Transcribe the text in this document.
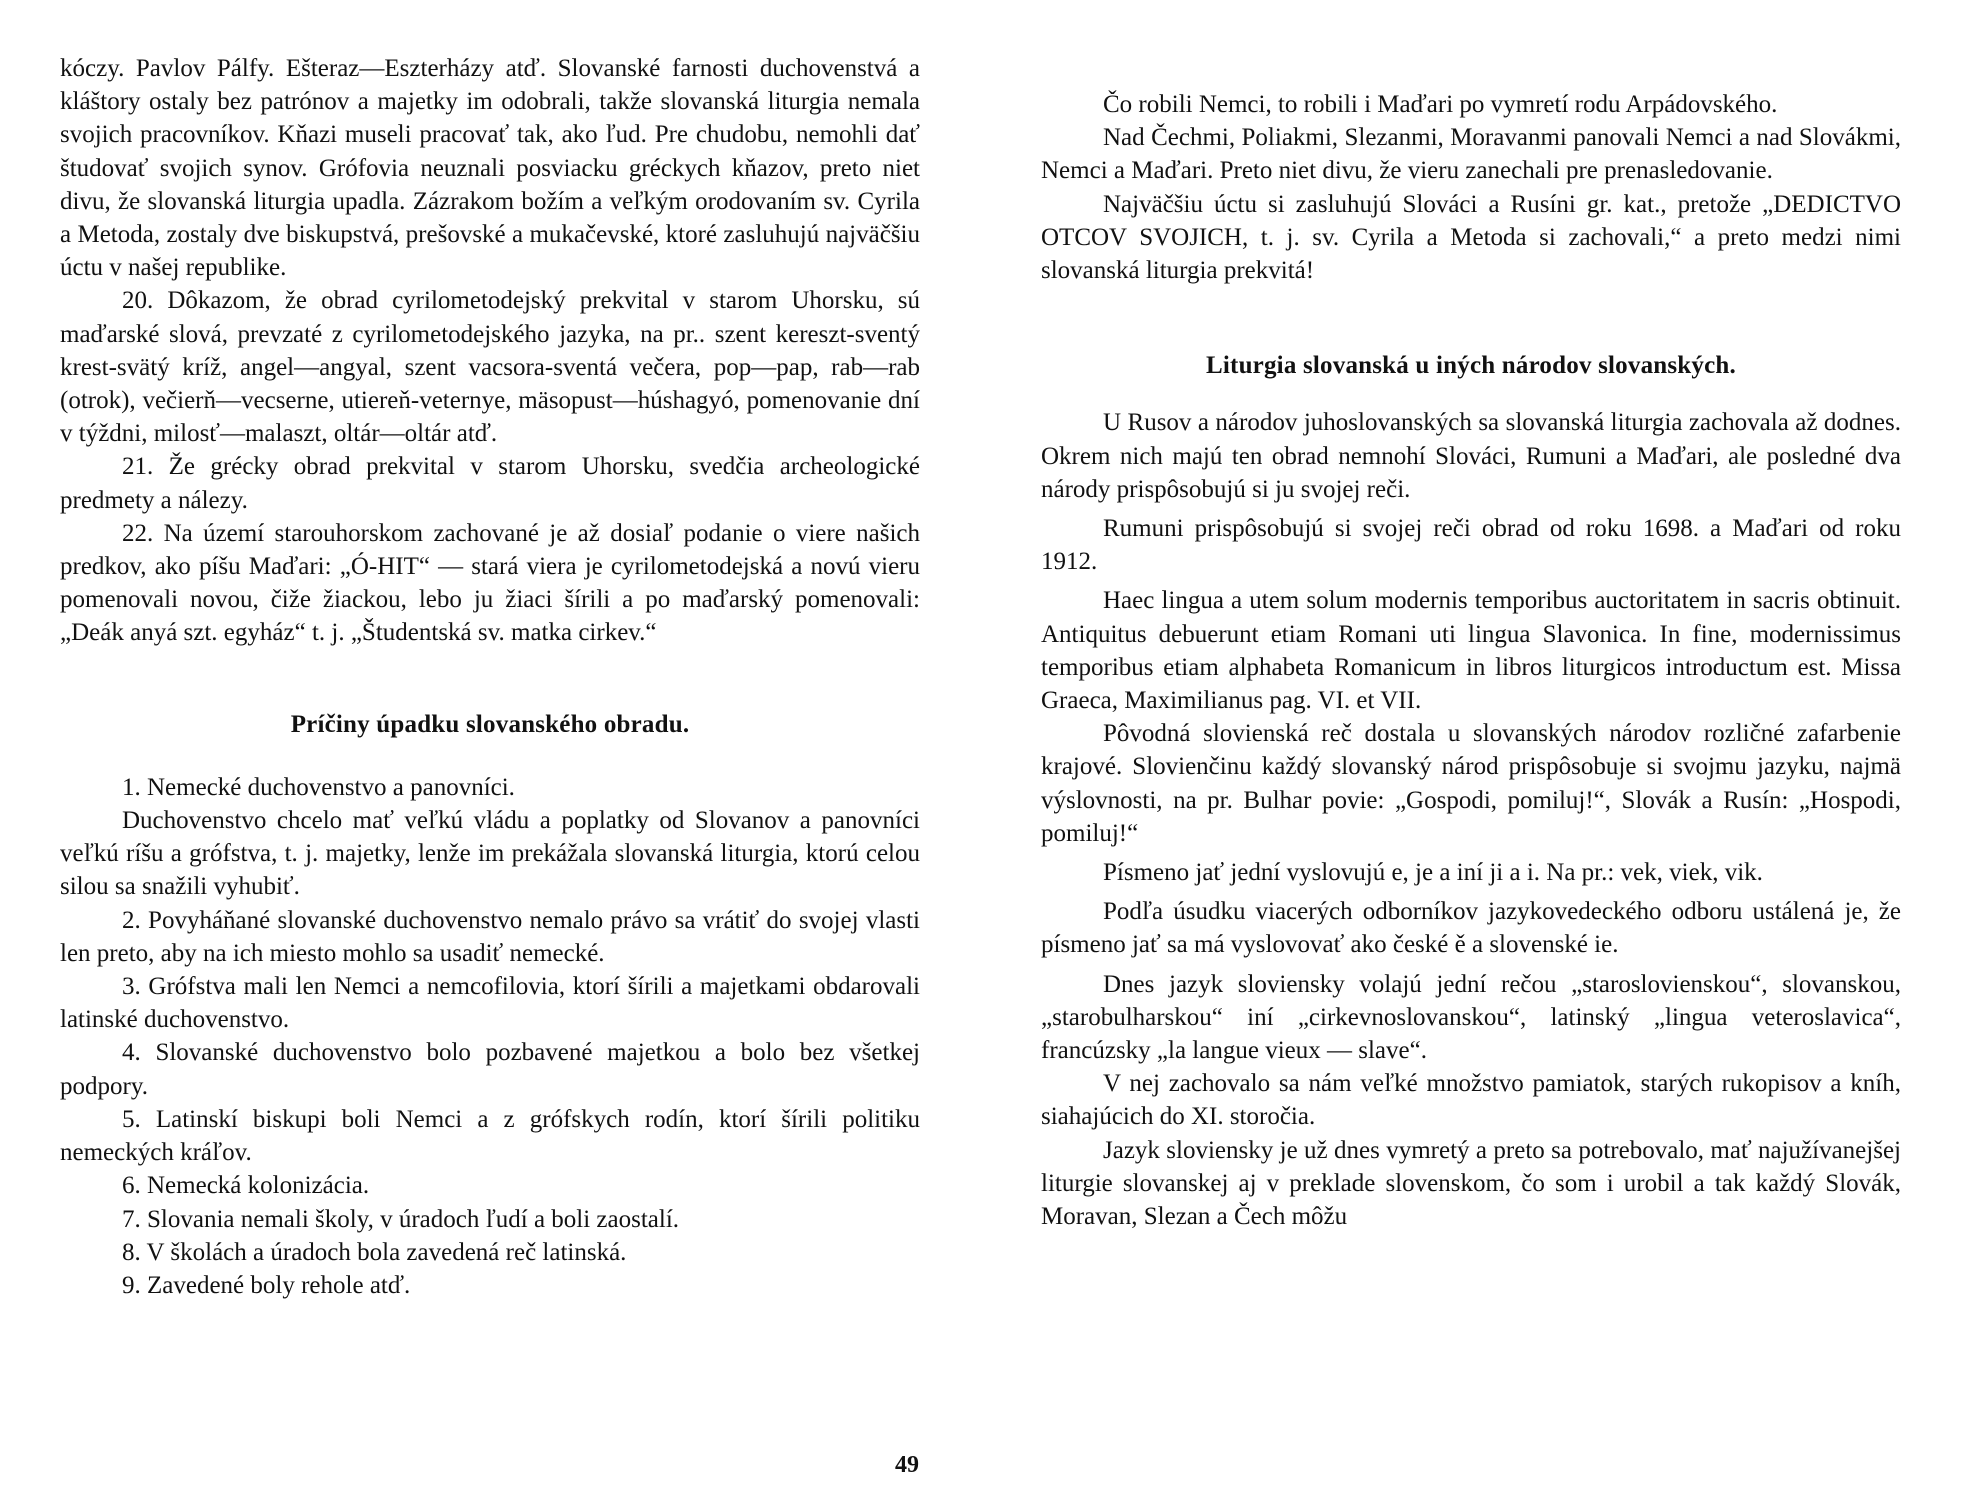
kóczy. Pavlov Pálfy. Ešteraz—Eszterházy atď. Slovanské farnosti duchovenstvá a kláštory ostaly bez patrónov a majetky im odobrali, takže slovanská liturgia nemala svojich pracovníkov. Kňazi museli pracovať tak, ako ľud. Pre chudobu, nemohli dať študovať svojich synov. Grófovia neuznali posviacku gréckych kňazov, preto niet divu, že slovanská liturgia upadla. Zázrakom božím a veľkým orodovaním sv. Cyrila a Metoda, zostaly dve biskupstvá, prešovské a mukačevské, ktoré zasluhujú najväčšiu úctu v našej republike.

20. Dôkazom, že obrad cyrilometodejský prekvital v starom Uhorsku, sú maďarské slová, prevzaté z cyrilometodejského jazyka, na pr.. szent kereszt-sventý krest-svätý kríž, angel—angyal, szent vacsora-sventá večera, pop—pap, rab—rab (otrok), večierň—vecserne, utiereň-veternye, mäsopust—húshagyó, pomenovanie dní v týždni, milosť—malaszt, oltár—oltár atď.

21. Že grécky obrad prekvital v starom Uhorsku, svedčia archeologické predmety a nálezy.

22. Na území starouhorskom zachované je až dosiaľ podanie o viere našich predkov, ako píšu Maďari: „Ó-HIT“ — stará viera je cyrilometodejská a novú vieru pomenovali novou, čiže žiackou, lebo ju žiaci šírili a po maďarský pomenovali: „Deák anyá szt. egyház“ t. j. „Študentská sv. matka cirkev.“

Príčiny úpadku slovanského obradu.
1. Nemecké duchovenstvo a panovníci.
Duchovenstvo chcelo mať veľkú vládu a poplatky od Slovanov a panovníci veľkú ríšu a grófstva, t. j. majetky, lenže im prekážala slovanská liturgia, ktorú celou silou sa snažili vyhubiť.
2. Povyháňané slovanské duchovenstvo nemalo právo sa vrátiť do svojej vlasti len preto, aby na ich miesto mohlo sa usadiť nemecké.
3. Grófstva mali len Nemci a nemcofilovia, ktorí šírili a majetkami obdarovali latinské duchovenstvo.
4. Slovanské duchovenstvo bolo pozbavené majetkou a bolo bez všetkej podpory.
5. Latinskí biskupi boli Nemci a z grófskych rodín, ktorí šírili politiku nemeckých kráľov.
6. Nemecká kolonizácia.
7. Slovania nemali školy, v úradoch ľudí a boli zaostalí.
8. V školách a úradoch bola zavedená reč latinská.
9. Zavedené boly rehole atď.
49

Čo robili Nemci, to robili i Maďari po vymretí rodu Arpádovského.

Nad Čechmi, Poliakmi, Slezanmi, Moravanmi panovali Nemci a nad Slovákmi, Nemci a Maďari. Preto niet divu, že vieru zanechali pre prenasledovanie.

Najväčšiu úctu si zasluhujú Slováci a Rusíni gr. kat., pretože „DEDICTVO OTCOV SVOJICH, t. j. sv. Cyrila a Metoda si zachovali,“ a preto medzi nimi slovanská liturgia prekvitá!

Liturgia slovanská u iných národov slovanských.

U Rusov a národov juhoslovanských sa slovanská liturgia zachovala až dodnes. Okrem nich majú ten obrad nemnohí Slováci, Rumuni a Maďari, ale posledné dva národy prispôsobujú si ju svojej reči.

Rumuni prispôsobujú si svojej reči obrad od roku 1698. a Maďari od roku 1912.

Haec lingua a utem solum modernis temporibus auctoritatem in sacris obtinuit. Antiquitus debuerunt etiam Romani uti lingua Slavonica. In fine, modernissimus temporibus etiam alphabeta Romanicum in libros liturgicos introductum est. Missa Graeca, Maximilianus pag. VI. et VII.

Pôvodná slovienská reč dostala u slovanských národov rozličné zafarbenie krajové. Slovienčinu každý slovanský národ prispôsobuje si svojmu jazyku, najmä výslovnosti, na pr. Bulhar povie: „Gospodi, pomiluj!“, Slovák a Rusín: „Hospodi, pomiluj!“

Písmeno jať jední vyslovujú e, je a iní ji a i. Na pr.: vek, viek, vik.

Podľa úsudku viacerých odborníkov jazykovedeckého odboru ustálená je, že písmeno jať sa má vyslovovať ako české ě a slovenské ie.

Dnes jazyk sloviensky volajú jední rečou „staroslovienskou“, slovanskou, „starobulharskou“ iní „cirkevnoslovanskou“, latinský „lingua veteroslavica“, francúzsky „la langue vieux — slave“.

V nej zachovalo sa nám veľké množstvo pamiatok, starých rukopisov a kníh, siahajúcich do XI. storočia.

Jazyk sloviensky je už dnes vymretý a preto sa potrebovalo, mať najužívanejšej liturgie slovanskej aj v preklade slovenskom, čo som i urobil a tak každý Slovák, Moravan, Slezan a Čech môžu
